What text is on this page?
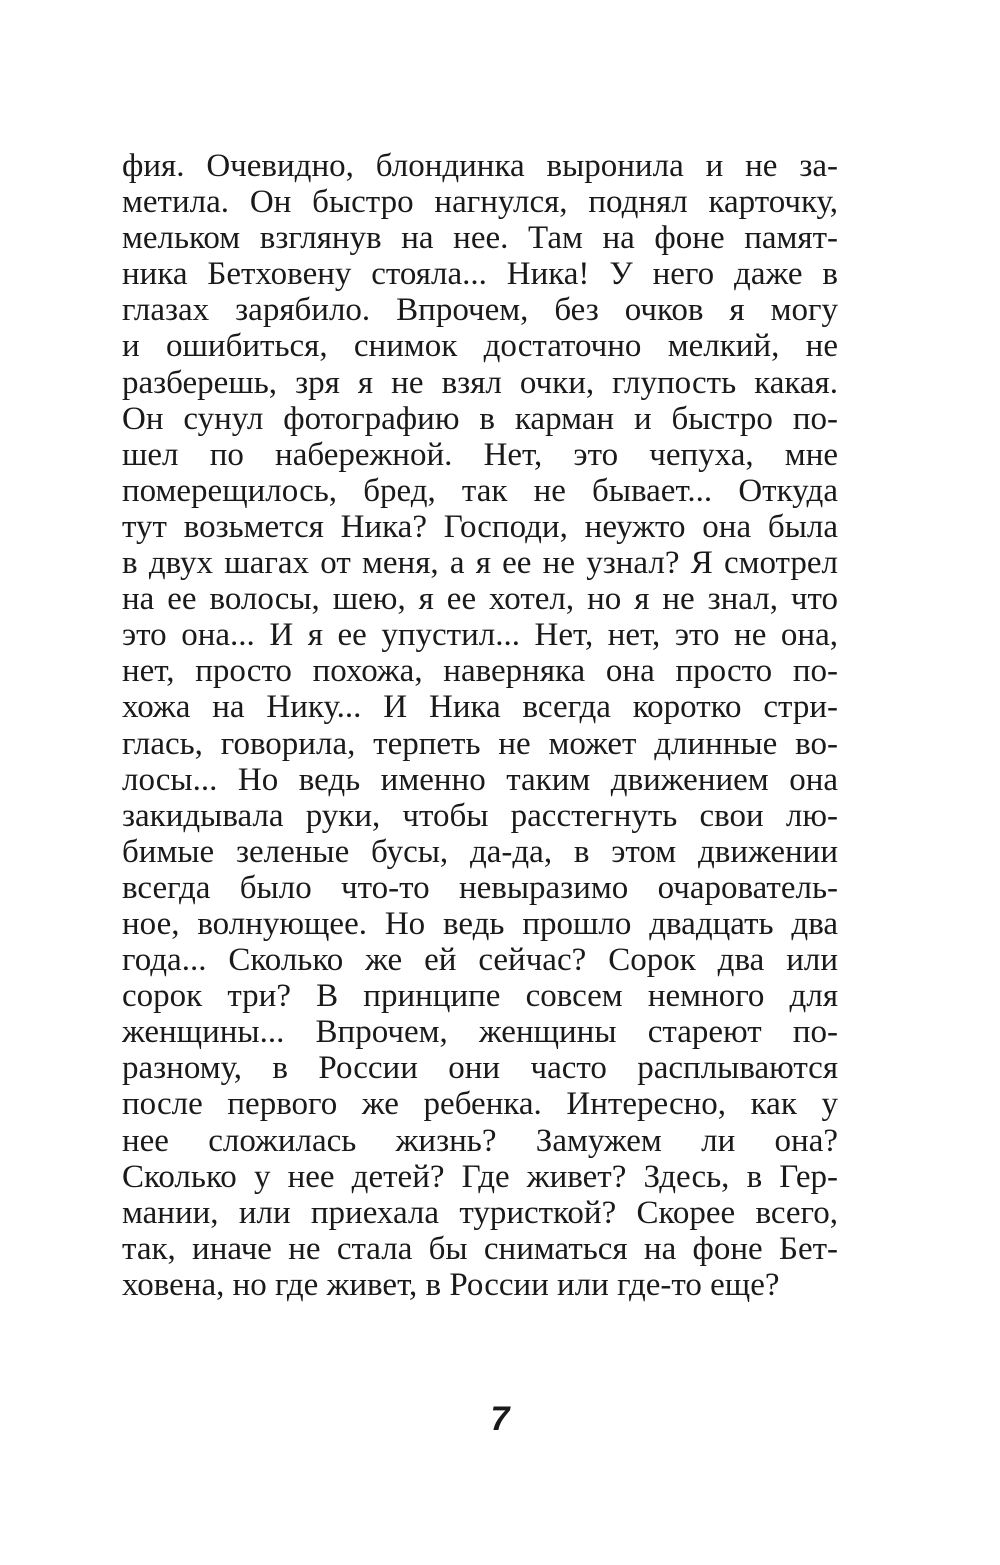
фия. Очевидно, блондинка выронила и не за-
метила. Он быстро нагнулся, поднял карточку,
мельком взглянув на нее. Там на фоне памят-
ника Бетховену стояла... Ника! У него даже в
глазах зарябило. Впрочем, без очков я могу
и ошибиться, снимок достаточно мелкий, не
разберешь, зря я не взял очки, глупость какая.
Он сунул фотографию в карман и быстро по-
шел по набережной. Нет, это чепуха, мне
померещилось, бред, так не бывает... Откуда
тут возьмется Ника? Господи, неужто она была
в двух шагах от меня, а я ее не узнал? Я смотрел
на ее волосы, шею, я ее хотел, но я не знал, что
это она... И я ее упустил... Нет, нет, это не она,
нет, просто похожа, наверняка она просто по-
хожа на Нику... И Ника всегда коротко стри-
глась, говорила, терпеть не может длинные во-
лосы... Но ведь именно таким движением она
закидывала руки, чтобы расстегнуть свои лю-
бимые зеленые бусы, да-да, в этом движении
всегда было что-то невыразимо очарователь-
ное, волнующее. Но ведь прошло двадцать два
года... Сколько же ей сейчас? Сорок два или
сорок три? В принципе совсем немного для
женщины... Впрочем, женщины стареют по-
разному, в России они часто расплываются
после первого же ребенка. Интересно, как у
нее сложилась жизнь? Замужем ли она?
Сколько у нее детей? Где живет? Здесь, в Гер-
мании, или приехала туристкой? Скорее всего,
так, иначе не стала бы сниматься на фоне Бет-
ховена, но где живет, в России или где-то еще?
7
